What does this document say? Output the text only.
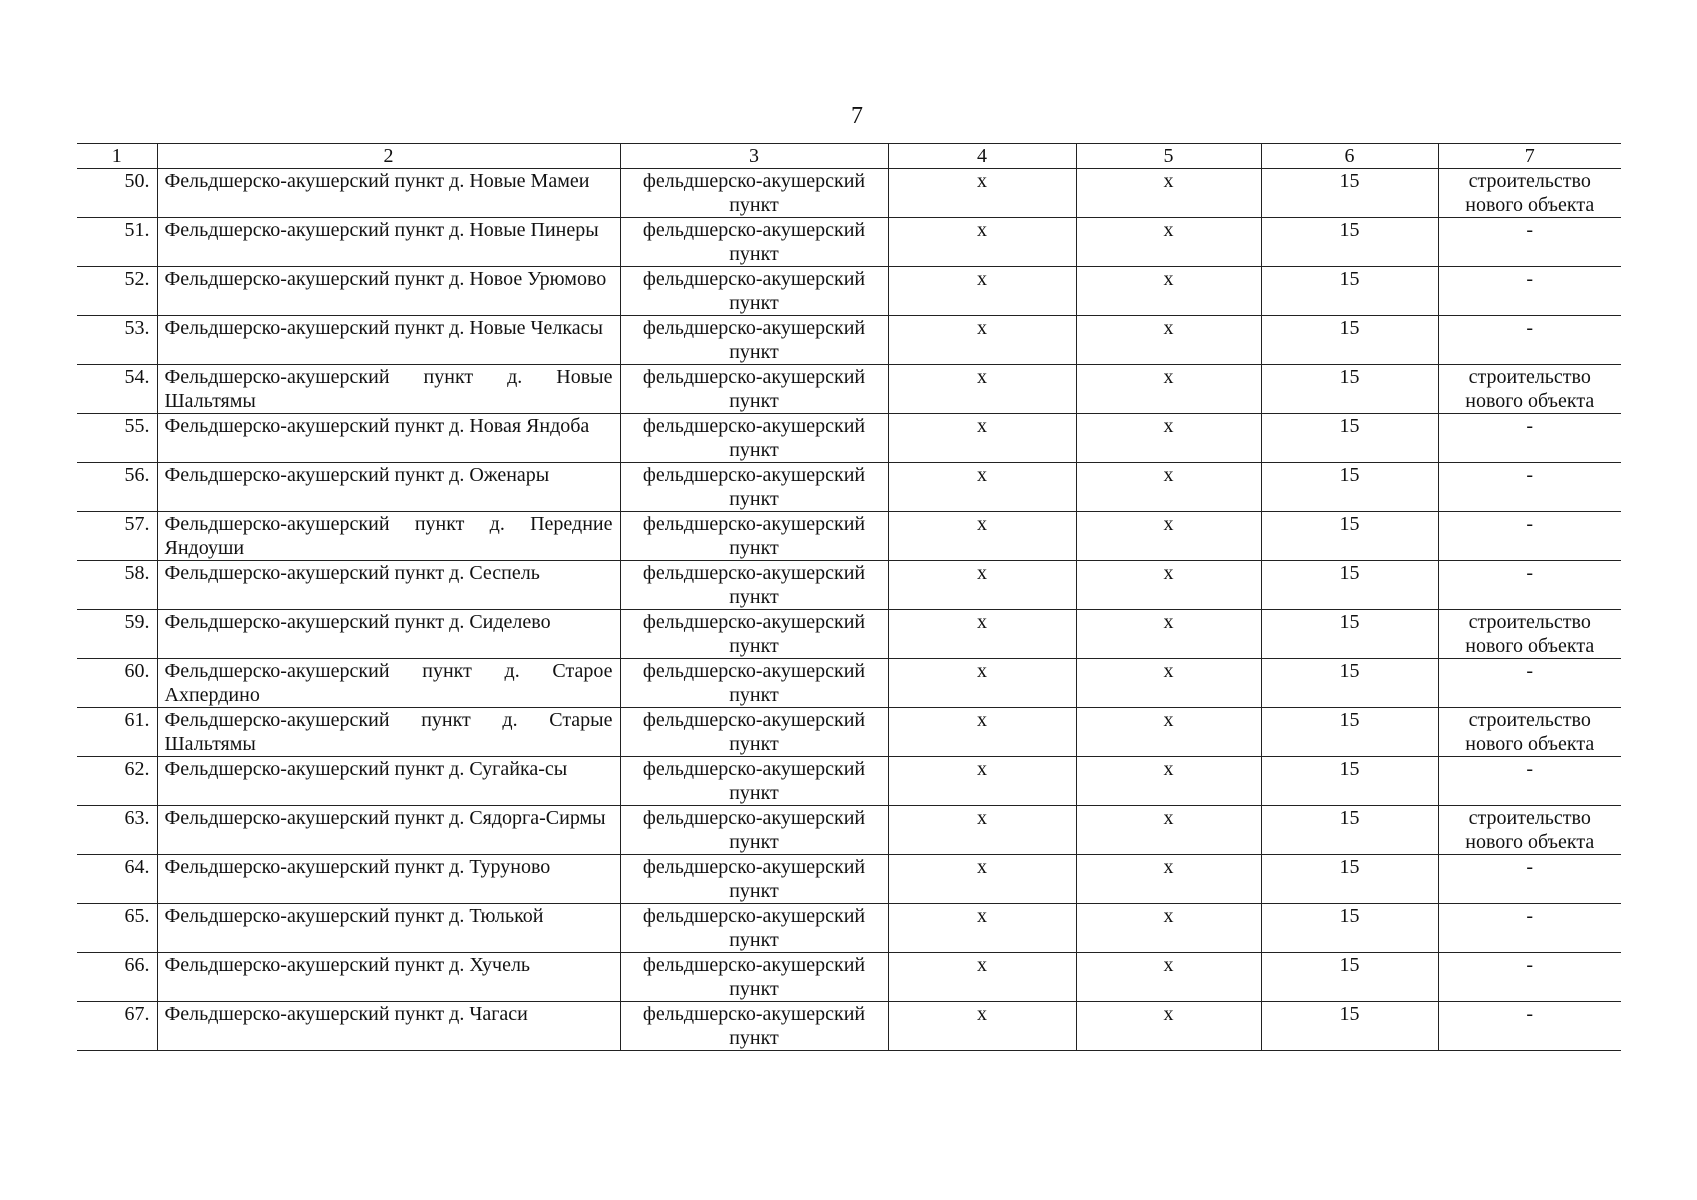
7
1	2	3	4	5	6	7
50.	Фельдшерско-акушерский пункт д. Новые Мамеи	фельдшерско-акушерский пункт	х	х	15	строительство нового объекта
51.	Фельдшерско-акушерский пункт д. Новые Пинеры	фельдшерско-акушерский пункт	х	х	15	-
52.	Фельдшерско-акушерский пункт д. Новое Урюмово	фельдшерско-акушерский пункт	х	х	15	-
53.	Фельдшерско-акушерский пункт д. Новые Челкасы	фельдшерско-акушерский пункт	х	х	15	-
54.	Фельдшерско-акушерский пункт д. Новые Шальтямы	фельдшерско-акушерский пункт	х	х	15	строительство нового объекта
55.	Фельдшерско-акушерский пункт д. Новая Яндоба	фельдшерско-акушерский пункт	х	х	15	-
56.	Фельдшерско-акушерский пункт д. Оженары	фельдшерско-акушерский пункт	х	х	15	-
57.	Фельдшерско-акушерский пункт д. Передние Яндоуши	фельдшерско-акушерский пункт	х	х	15	-
58.	Фельдшерско-акушерский пункт д. Сеспель	фельдшерско-акушерский пункт	х	х	15	-
59.	Фельдшерско-акушерский пункт д. Сиделево	фельдшерско-акушерский пункт	х	х	15	строительство нового объекта
60.	Фельдшерско-акушерский пункт д. Старое Ахпердино	фельдшерско-акушерский пункт	х	х	15	-
61.	Фельдшерско-акушерский пункт д. Старые Шальтямы	фельдшерско-акушерский пункт	х	х	15	строительство нового объекта
62.	Фельдшерско-акушерский пункт д. Сугайка-сы	фельдшерско-акушерский пункт	х	х	15	-
63.	Фельдшерско-акушерский пункт д. Сядорга-Сирмы	фельдшерско-акушерский пункт	х	х	15	строительство нового объекта
64.	Фельдшерско-акушерский пункт д. Туруново	фельдшерско-акушерский пункт	х	х	15	-
65.	Фельдшерско-акушерский пункт д. Тюлькой	фельдшерско-акушерский пункт	х	х	15	-
66.	Фельдшерско-акушерский пункт д. Хучель	фельдшерско-акушерский пункт	х	х	15	-
67.	Фельдшерско-акушерский пункт д. Чагаси	фельдшерско-акушерский пункт	х	х	15	-
